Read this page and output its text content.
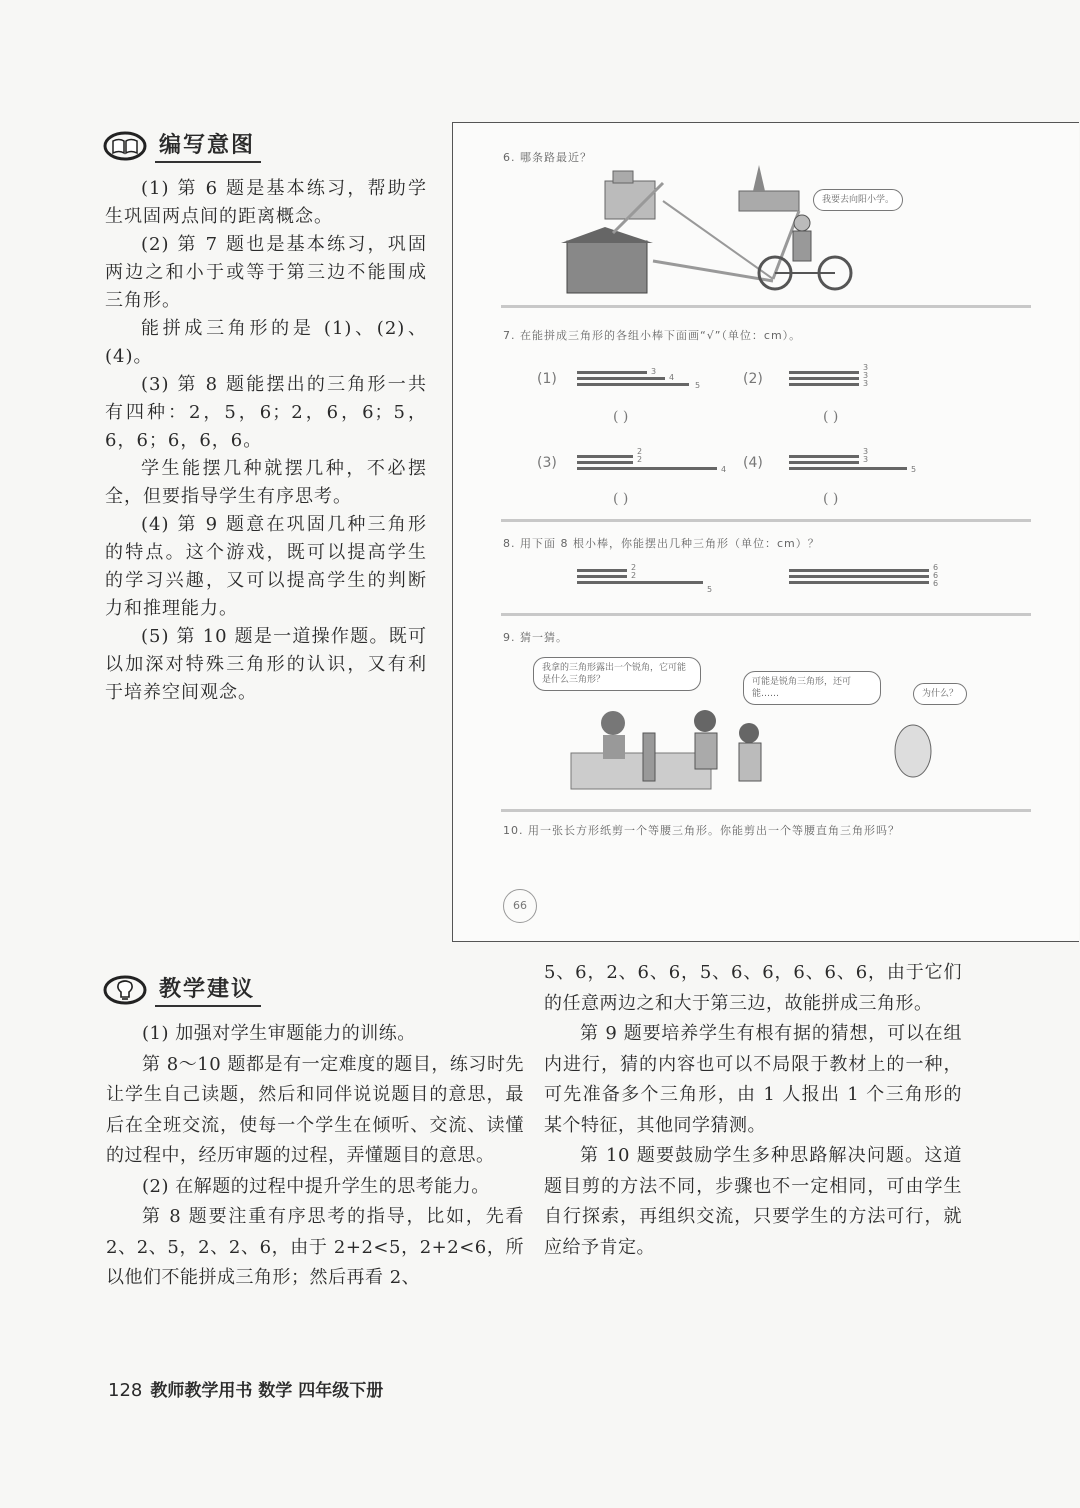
编写意图

(1) 第 6 题是基本练习，帮助学生巩固两点间的距离概念。

(2) 第 7 题也是基本练习，巩固两边之和小于或等于第三边不能围成三角形。

能拼成三角形的是 (1)、(2)、(4)。

(3) 第 8 题能摆出的三角形一共有四种：2，5，6；2，6，6；5，6，6；6，6，6。

学生能摆几种就摆几种，不必摆全，但要指导学生有序思考。

(4) 第 9 题意在巩固几种三角形的特点。这个游戏，既可以提高学生的学习兴趣，又可以提高学生的判断力和推理能力。

(5) 第 10 题是一道操作题。既可以加深对特殊三角形的认识，又有利于培养空间观念。

6. 哪条路最近？
我要去向阳小学。
7. 在能拼成三角形的各组小棒下面画“√”（单位：cm）。
(1)	3
4
5
( )
(2)
3
3
3
( )
(3)
2
2
4
( )
(4)
3
3
5
( )
8. 用下面 8 根小棒，你能摆出几种三角形（单位：cm）？
2
2
5
6
6
6
9. 猜一猜。
我拿的三角形露出一个锐角，它可能是什么三角形？	可能是锐角三角形，还可能……	为什么？
10. 用一张长方形纸剪一个等腰三角形。你能剪出一个等腰直角三角形吗？
66
教学建议

(1) 加强对学生审题能力的训练。

第 8～10 题都是有一定难度的题目，练习时先让学生自己读题，然后和同伴说说题目的意思，最后在全班交流，使每一个学生在倾听、交流、读懂的过程中，经历审题的过程，弄懂题目的意思。

(2) 在解题的过程中提升学生的思考能力。

第 8 题要注重有序思考的指导，比如，先看 2、2、5，2、2、6，由于 2+2<5，2+2<6，所以他们不能拼成三角形；然后再看 2、

5、6，2、6、6，5、6、6，6、6、6，由于它们的任意两边之和大于第三边，故能拼成三角形。

第 9 题要培养学生有根有据的猜想，可以在组内进行，猜的内容也可以不局限于教材上的一种，可先准备多个三角形，由 1 人报出 1 个三角形的某个特征，其他同学猜测。

第 10 题要鼓励学生多种思路解决问题。这道题目剪的方法不同，步骤也不一定相同，可由学生自行探索，再组织交流，只要学生的方法可行，就应给予肯定。

128 教师教学用书 数学 四年级下册
